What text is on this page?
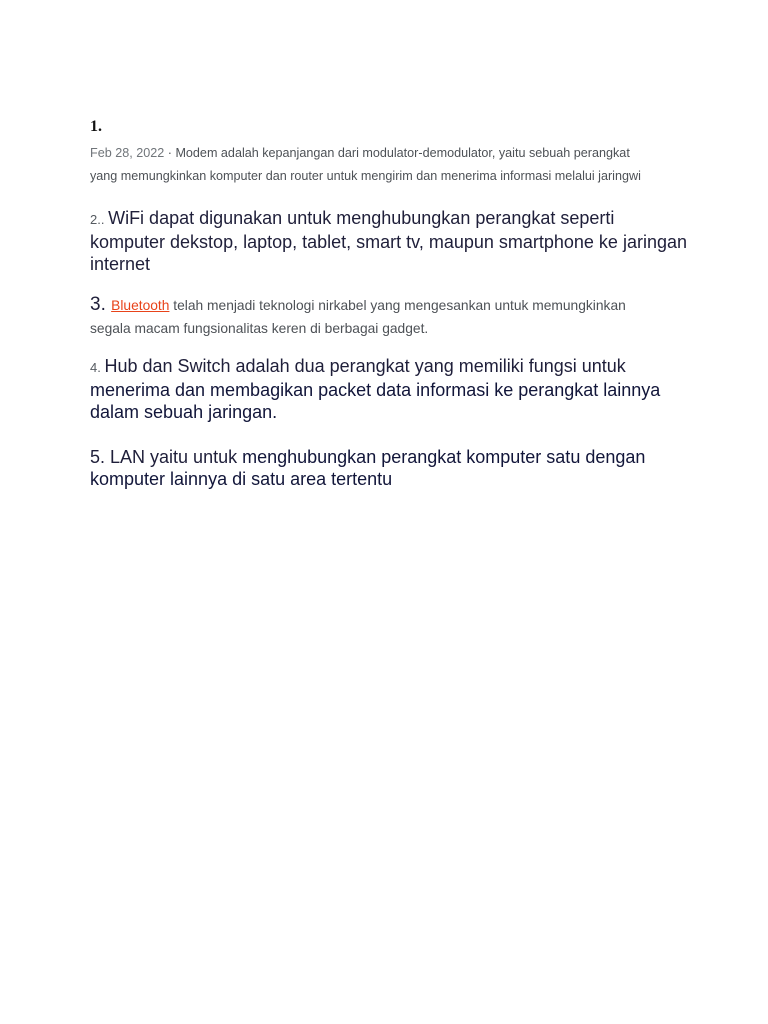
1.

Feb 28, 2022 · Modem adalah kepanjangan dari modulator-demodulator, yaitu sebuah perangkat
yang memungkinkan komputer dan router untuk mengirim dan menerima informasi melalui jaringwi

2.. WiFi dapat digunakan untuk menghubungkan perangkat seperti komputer dekstop, laptop, tablet, smart tv, maupun smartphone ke jaringan internet
3. Bluetooth telah menjadi teknologi nirkabel yang mengesankan untuk memungkinkan
segala macam fungsionalitas keren di berbagai gadget.
4. Hub dan Switch adalah dua perangkat yang memiliki fungsi untuk menerima dan membagikan packet data informasi ke perangkat lainnya dalam sebuah jaringan.
5. LAN yaitu untuk menghubungkan perangkat komputer satu dengan komputer lainnya di satu area tertentu
